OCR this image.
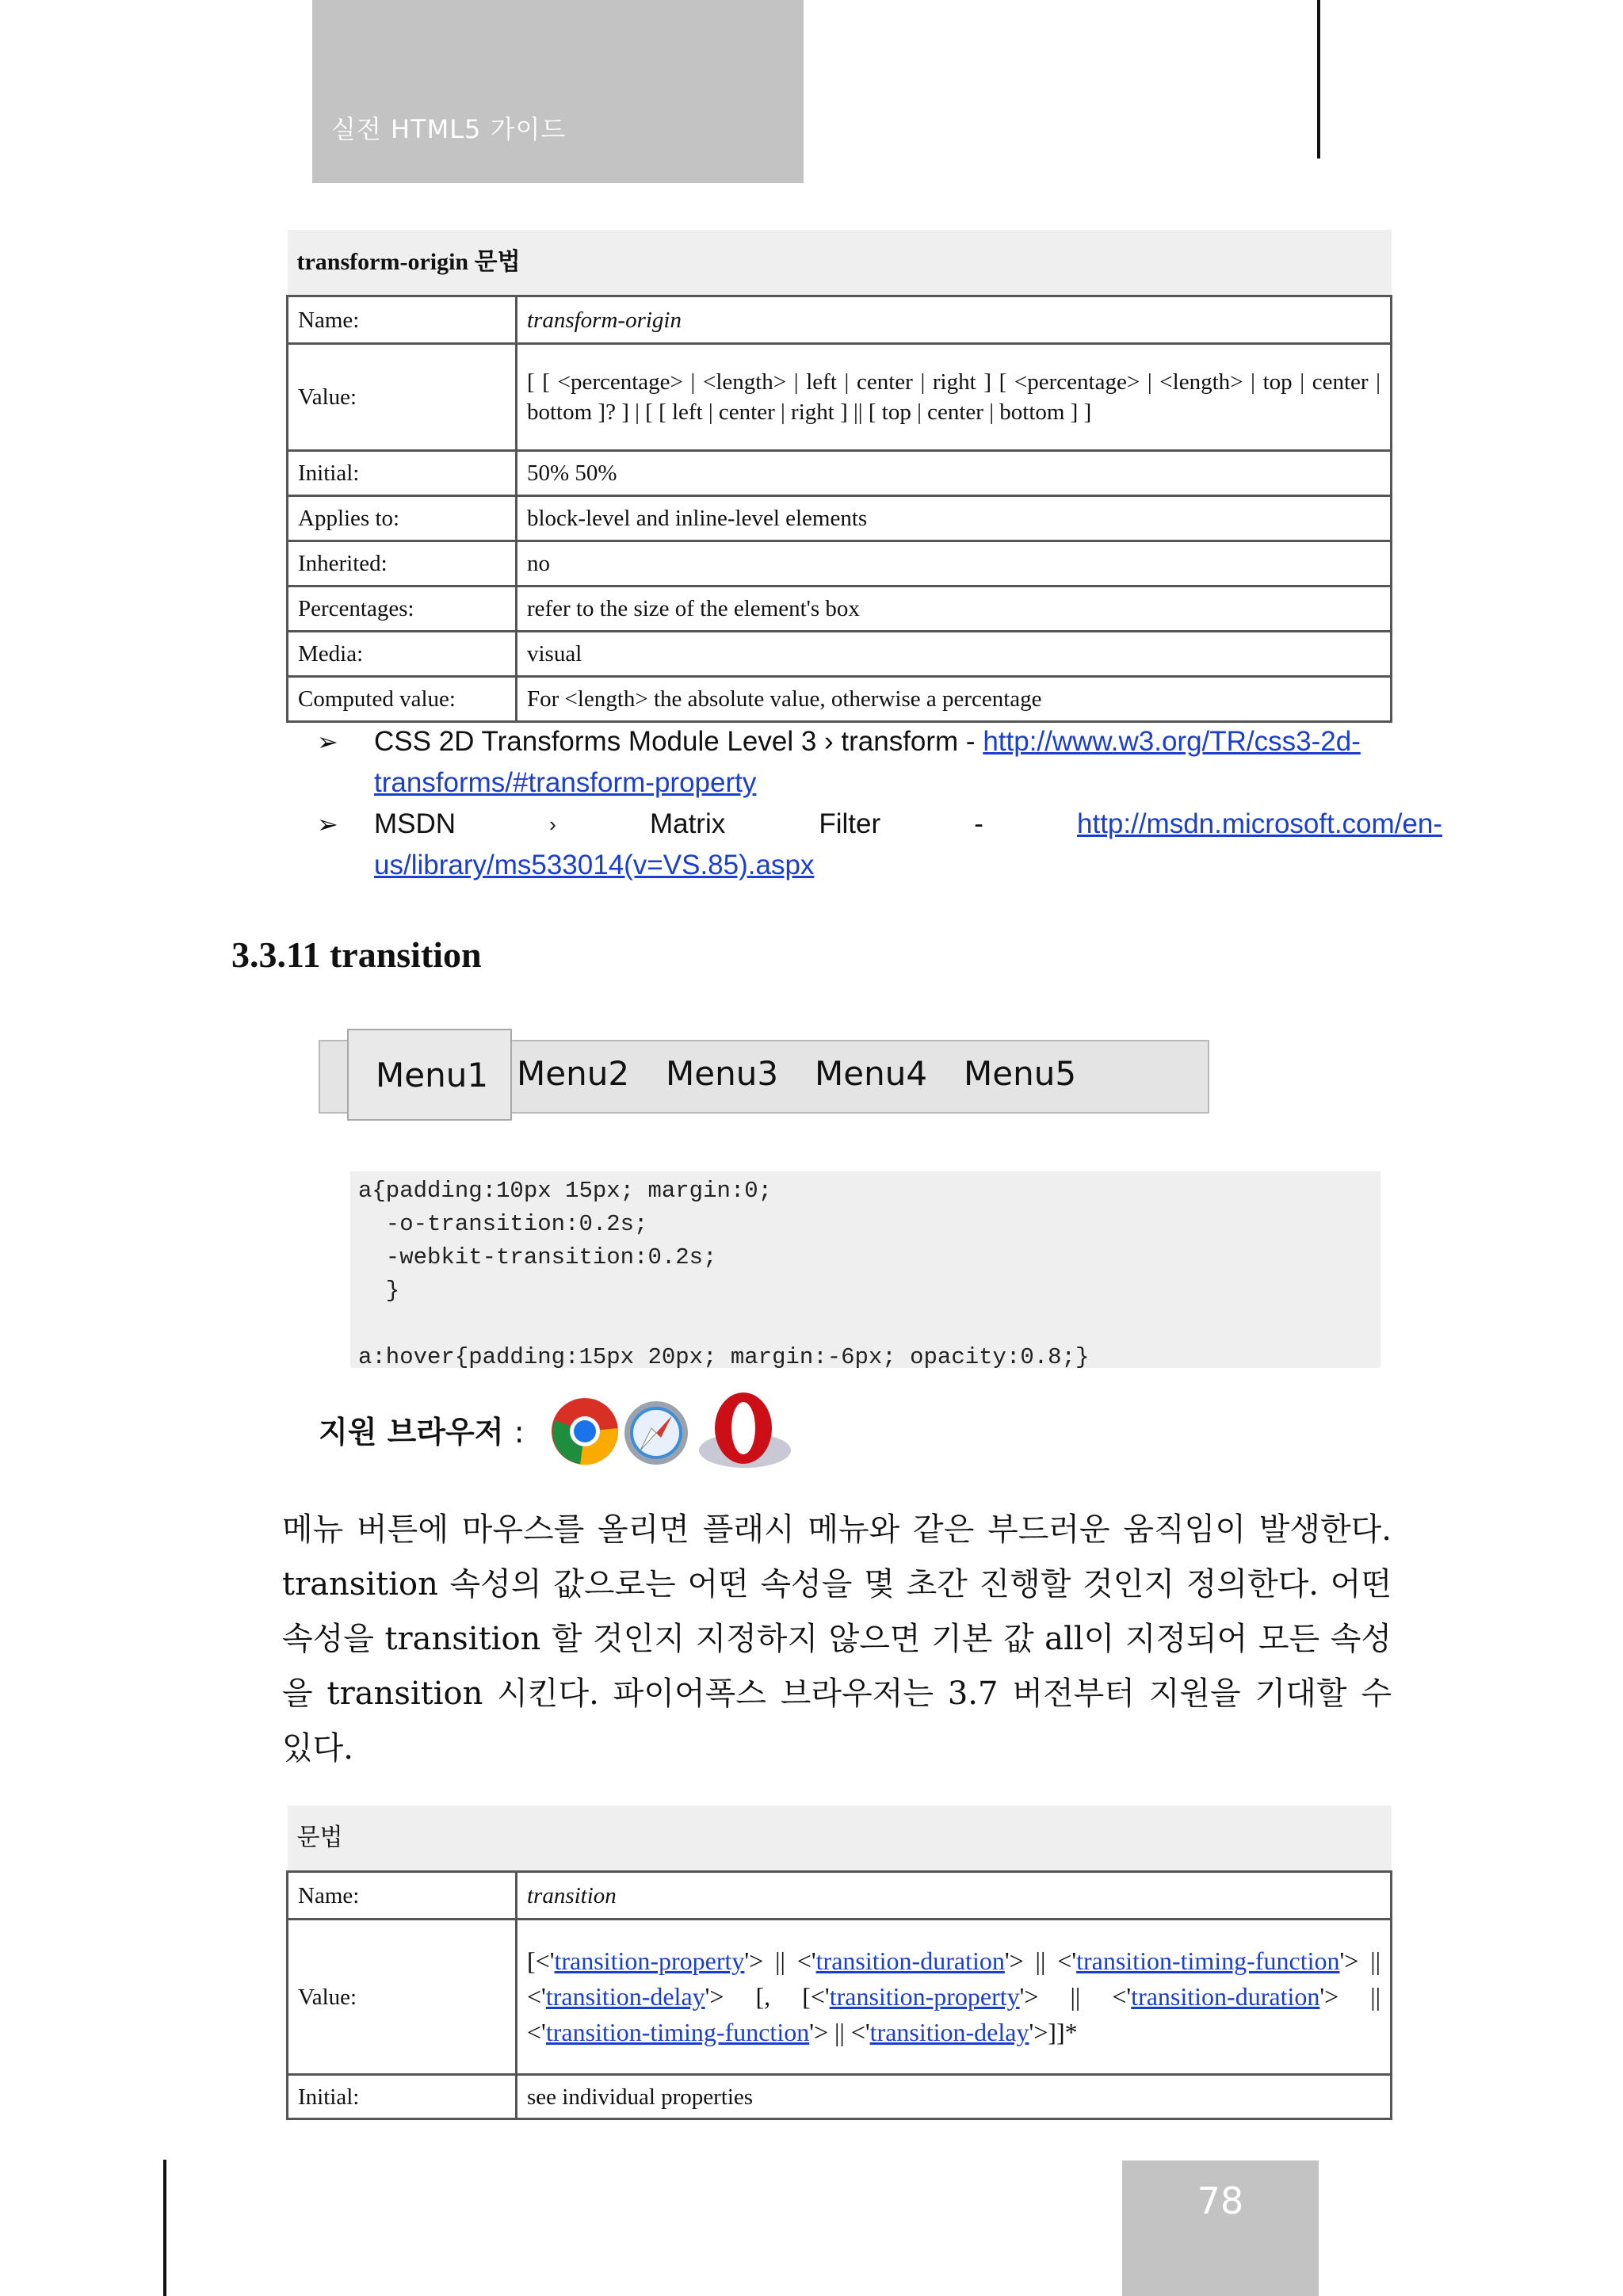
실전 HTML5 가이드
transform-origin 문법	
Name:	transform-origin
Value:	[ [ <percentage> | <length> | left | center | right ] [ <percentage> | <length> | top | center | bottom ]? ] | [ [ left | center | right ] || [ top | center | bottom ] ]
Initial:	50% 50%
Applies to:	block-level and inline-level elements
Inherited:	no
Percentages:	refer to the size of the element's box
Media:	visual
Computed value:	For <length> the absolute value, otherwise a percentage
➢ CSS 2D Transforms Module Level 3 › transform - http://www.w3.org/TR/css3-2d-
transforms/#transform-property
➢ MSDN	›	Matrix	Filter	-	http://msdn.microsoft.com/en-
us/library/ms533014(v=VS.85).aspx
3.3.11 transition
Menu1 Menu2 Menu3 Menu4 Menu5
a{padding:10px 15px; margin:0;
-o-transition:0.2s;
-webkit-transition:0.2s;
}
a:hover{padding:15px 20px; margin:-6px; opacity:0.8;}
지원 브라우저 :
메뉴 버튼에 마우스를 올리면 플래시 메뉴와 같은 부드러운 움직임이 발생한다. transition 속성의 값으로는 어떤 속성을 몇 초간 진행할 것인지 정의한다. 어떤 속성을 transition 할 것인지 지정하지 않으면 기본 값 all이 지정되어 모든 속성을 transition 시킨다. 파이어폭스 브라우저는 3.7 버전부터 지원을 기대할 수 있다.
문법	
Name:	transition
Value:	[<'transition-property'> || <'transition-duration'> || <'transition-timing-function'> || <'transition-delay'> [, [<'transition-property'> || <'transition-duration'> || <'transition-timing-function'> || <'transition-delay'>]]*
Initial:	see individual properties
78
